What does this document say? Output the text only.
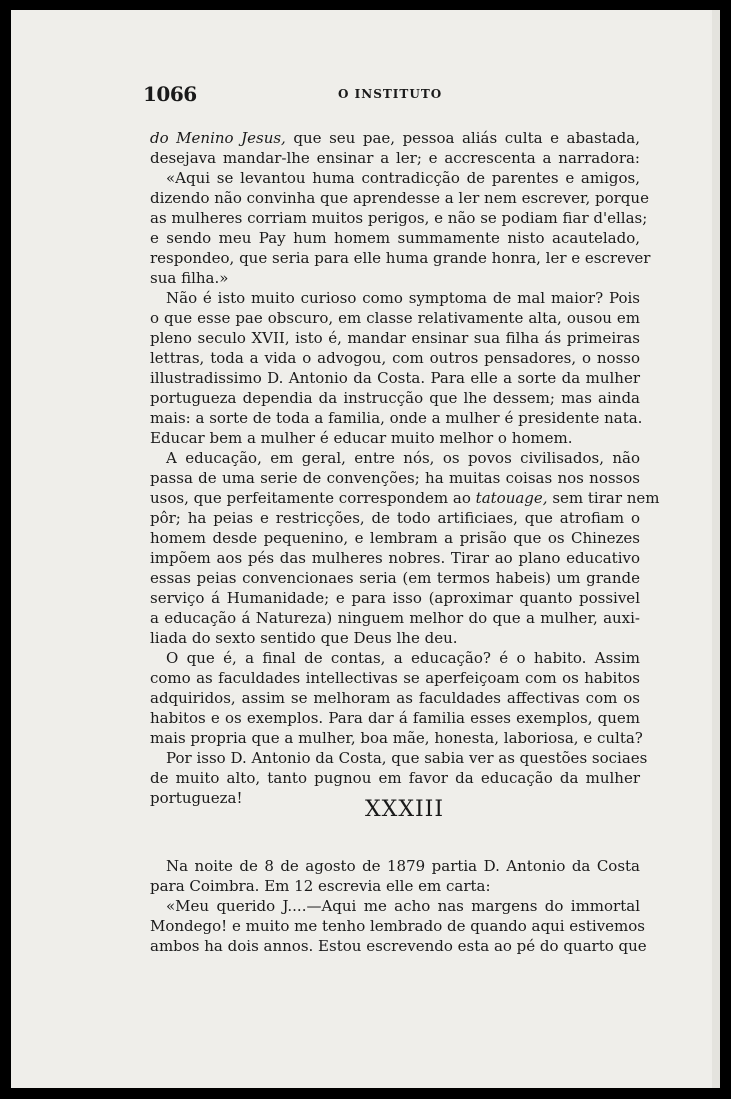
1066	O INSTITUTO
do Menino Jesus, que seu pae, pessoa aliás culta e abastada,
desejava mandar-lhe ensinar a ler; e accrescenta a narradora:
«Aqui se levantou huma contradicção de parentes e amigos,
dizendo não convinha que aprendesse a ler nem escrever, porque
as mulheres corriam muitos perigos, e não se podiam fiar d'ellas;
e sendo meu Pay hum homem summamente nisto acautelado,
respondeo, que seria para elle huma grande honra, ler e escrever
sua filha.»
Não é isto muito curioso como symptoma de mal maior? Pois
o que esse pae obscuro, em classe relativamente alta, ousou em
pleno seculo XVII, isto é, mandar ensinar sua filha ás primeiras
lettras, toda a vida o advogou, com outros pensadores, o nosso
illustradissimo D. Antonio da Costa. Para elle a sorte da mulher
portugueza dependia da instrucção que lhe dessem; mas ainda
mais: a sorte de toda a familia, onde a mulher é presidente nata.
Educar bem a mulher é educar muito melhor o homem.
A educação, em geral, entre nós, os povos civilisados, não
passa de uma serie de convenções; ha muitas coisas nos nossos
usos, que perfeitamente correspondem ao tatouage, sem tirar nem
pôr; ha peias e restricções, de todo artificiaes, que atrofiam o
homem desde pequenino, e lembram a prisão que os Chinezes
impõem aos pés das mulheres nobres. Tirar ao plano educativo
essas peias convencionaes seria (em termos habeis) um grande
serviço á Humanidade; e para isso (aproximar quanto possivel
a educação á Natureza) ninguem melhor do que a mulher, auxi-
liada do sexto sentido que Deus lhe deu.
O que é, a final de contas, a educação? é o habito. Assim
como as faculdades intellectivas se aperfeiçoam com os habitos
adquiridos, assim se melhoram as faculdades affectivas com os
habitos e os exemplos. Para dar á familia esses exemplos, quem
mais propria que a mulher, boa mãe, honesta, laboriosa, e culta?
Por isso D. Antonio da Costa, que sabia ver as questões sociaes
de muito alto, tanto pugnou em favor da educação da mulher
portugueza!	XXXIII
Na noite de 8 de agosto de 1879 partia D. Antonio da Costa
para Coimbra. Em 12 escrevia elle em carta:
«Meu querido J....—Aqui me acho nas margens do immortal
Mondego! e muito me tenho lembrado de quando aqui estivemos
ambos ha dois annos. Estou escrevendo esta ao pé do quarto que
